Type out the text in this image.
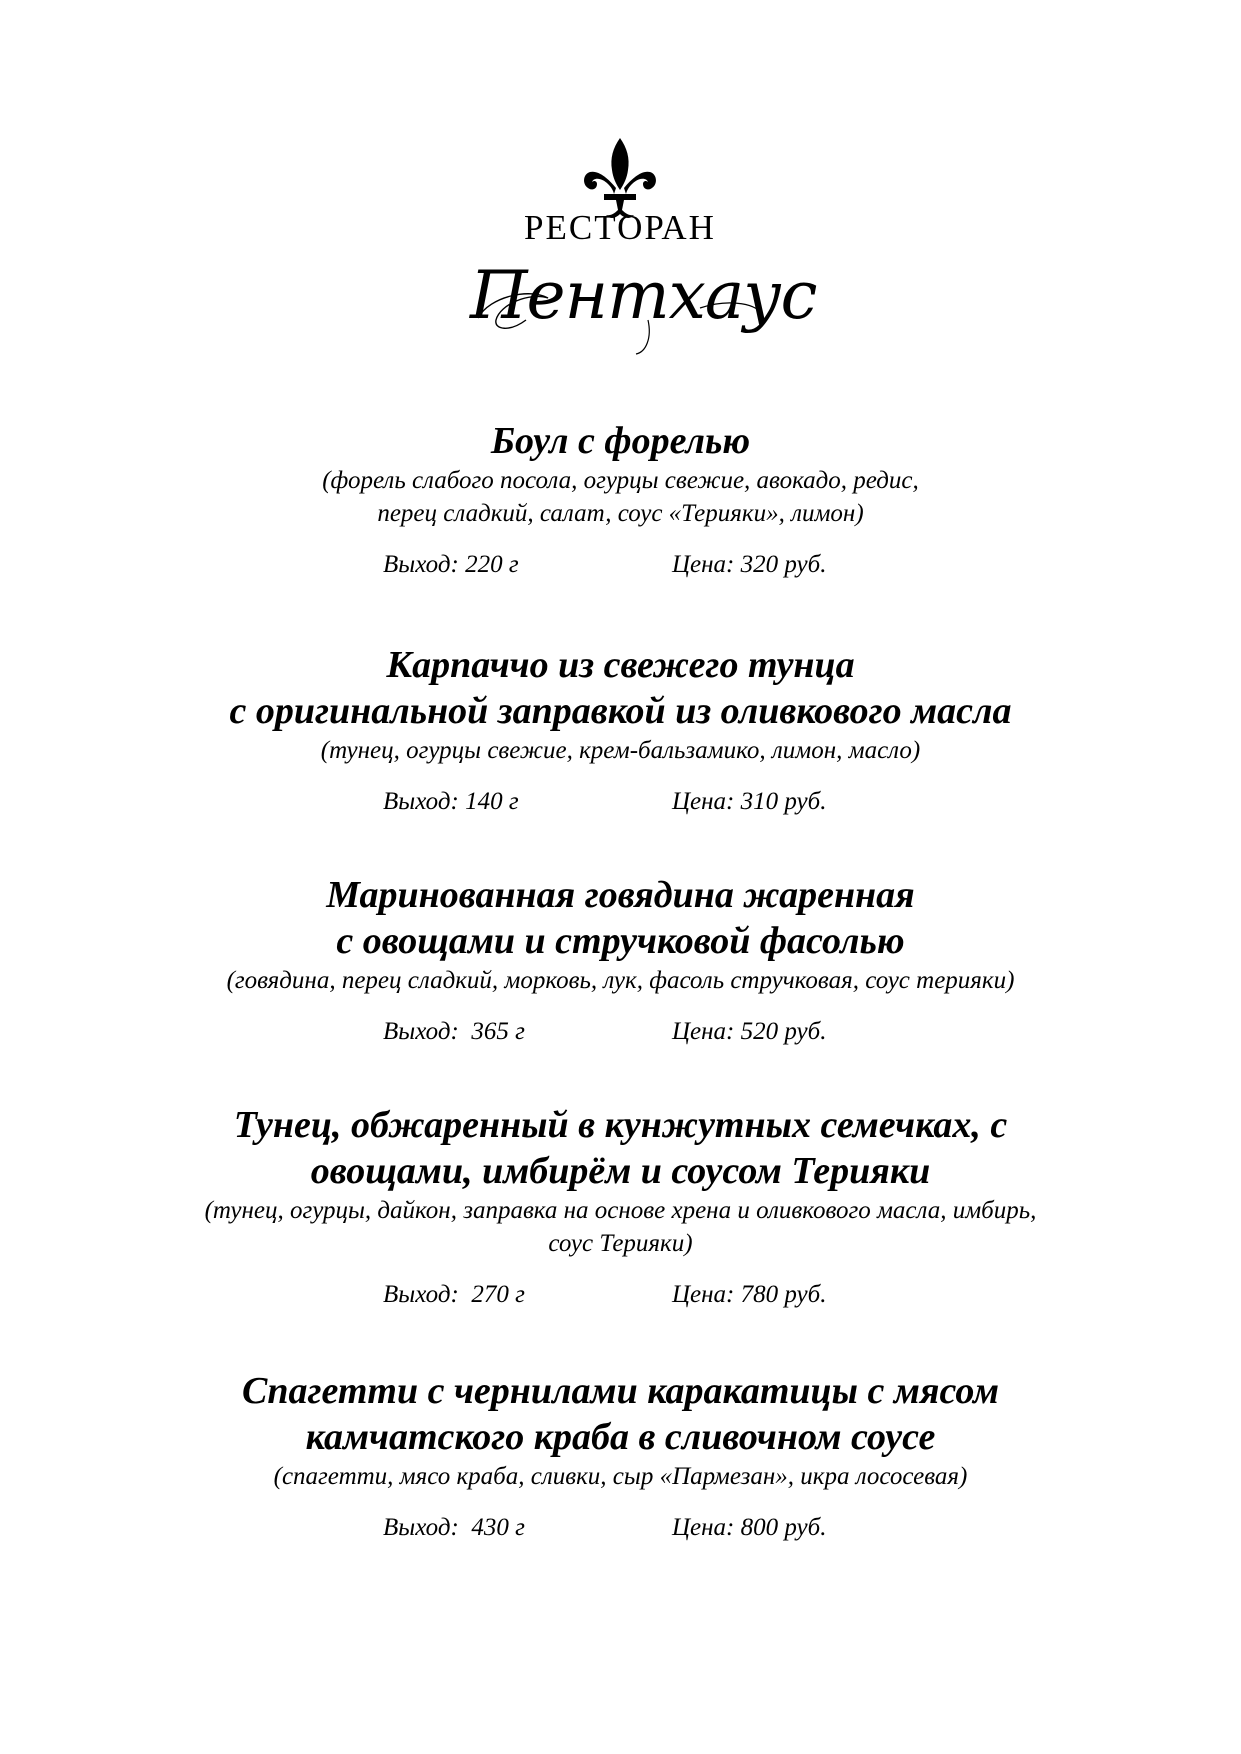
РЕСТОРАН
Пентхаус

Боул с форелью

(форель слабого посола, огурцы свежие, авокадо, редис,
перец сладкий, салат, соус «Терияки», лимон)

Выход: 220 г	Цена: 320 руб.

Карпаччо из свежего тунца
с оригинальной заправкой из оливкового масла

(тунец, огурцы свежие, крем-бальзамико, лимон, масло)

Выход: 140 г	Цена: 310 руб.

Маринованная говядина жаренная
с овощами и стручковой фасолью

(говядина, перец сладкий, морковь, лук, фасоль стручковая, соус терияки)

Выход:  365 г	Цена: 520 руб.

Тунец, обжаренный в кунжутных семечках, с
овощами, имбирём и соусом Терияки

(тунец, огурцы, дайкон, заправка на основе хрена и оливкового масла, имбирь,
соус Терияки)

Выход:  270 г	Цена: 780 руб.

Спагетти с чернилами каракатицы с мясом
камчатского краба в сливочном соусе

(спагетти, мясо краба, сливки, сыр «Пармезан», икра лососевая)

Выход:  430 г	Цена: 800 руб.
